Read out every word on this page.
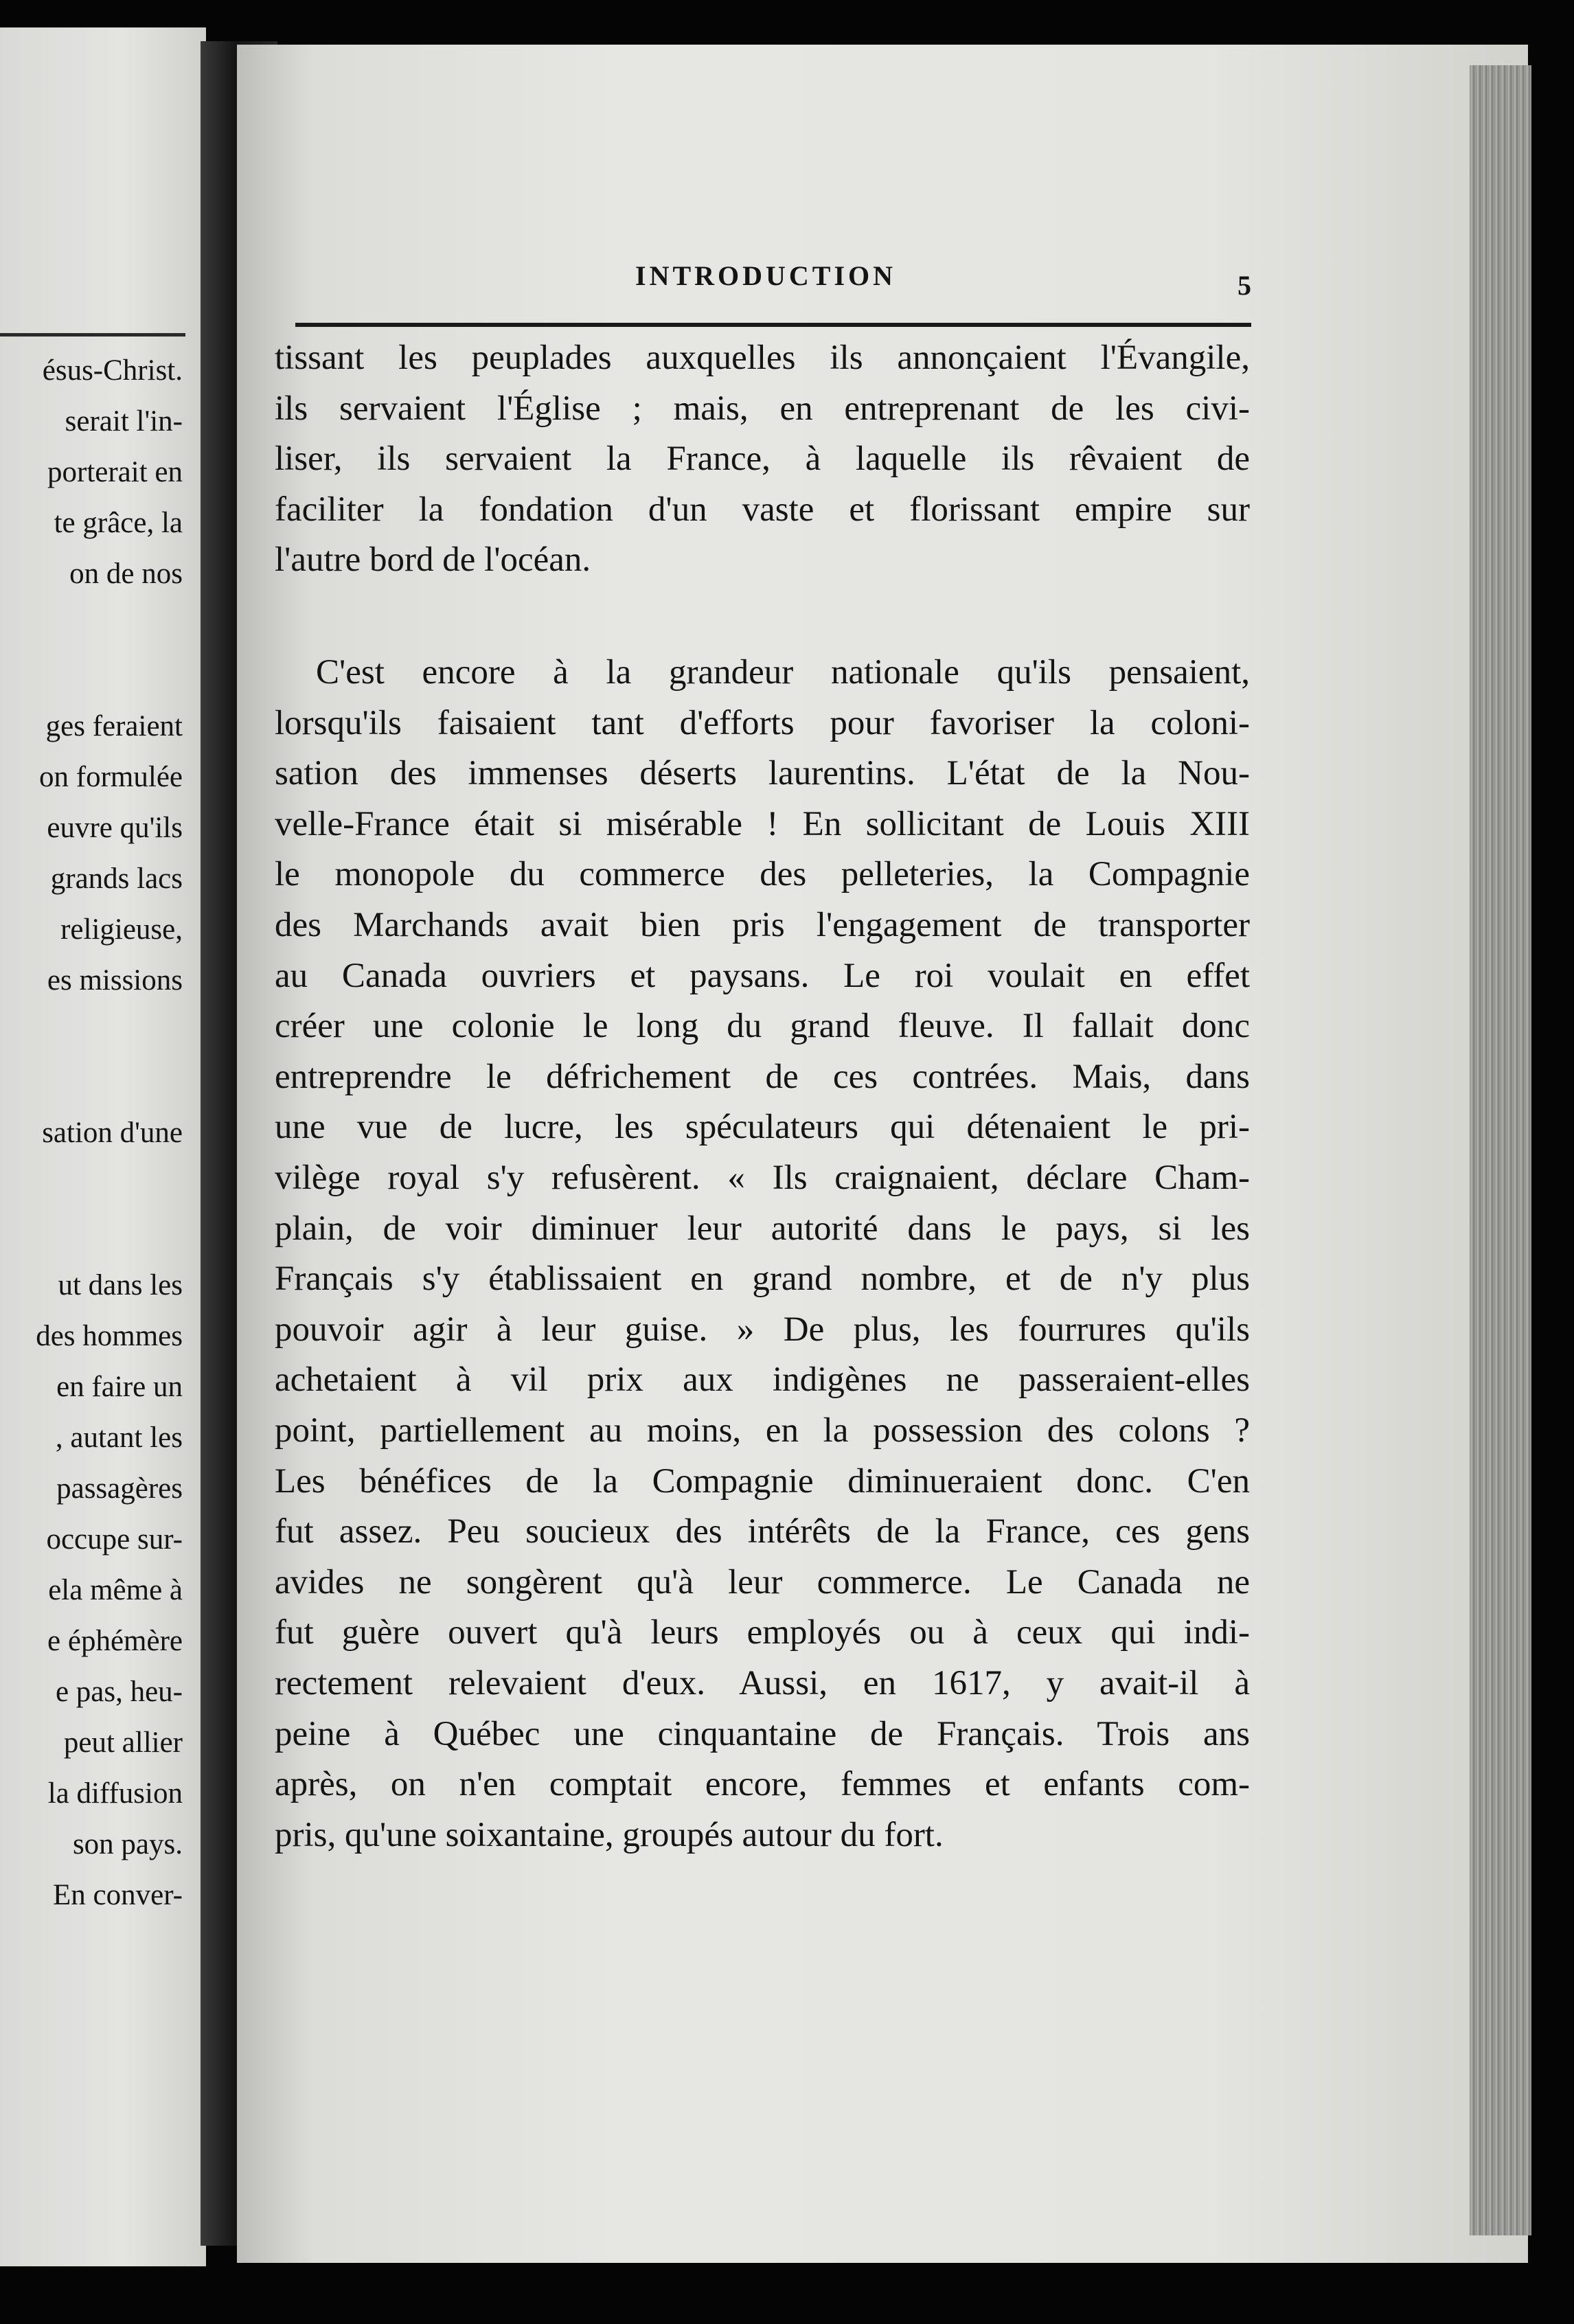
ésus-Christ.
serait l'in-
porterait en
te grâce, la
on de nos
ges feraient
on formulée
euvre qu'ils
grands lacs
religieuse,
es missions
sation d'une
ut dans les
des hommes
en faire un
, autant les
passagères
occupe sur-
ela même à
e éphémère
e pas, heu-
peut allier
la diffusion
son pays.
En conver-
INTRODUCTION	5
tissant les peuplades auxquelles ils annonçaient l'Évangile,
ils servaient l'Église ; mais, en entreprenant de les civi-
liser, ils servaient la France, à laquelle ils rêvaient de
faciliter la fondation d'un vaste et florissant empire sur
l'autre bord de l'océan.
C'est encore à la grandeur nationale qu'ils pensaient,
lorsqu'ils faisaient tant d'efforts pour favoriser la coloni-
sation des immenses déserts laurentins. L'état de la Nou-
velle-France était si misérable ! En sollicitant de Louis XIII
le monopole du commerce des pelleteries, la Compagnie
des Marchands avait bien pris l'engagement de transporter
au Canada ouvriers et paysans. Le roi voulait en effet
créer une colonie le long du grand fleuve. Il fallait donc
entreprendre le défrichement de ces contrées. Mais, dans
une vue de lucre, les spéculateurs qui détenaient le pri-
vilège royal s'y refusèrent. « Ils craignaient, déclare Cham-
plain, de voir diminuer leur autorité dans le pays, si les
Français s'y établissaient en grand nombre, et de n'y plus
pouvoir agir à leur guise. » De plus, les fourrures qu'ils
achetaient à vil prix aux indigènes ne passeraient-elles
point, partiellement au moins, en la possession des colons ?
Les bénéfices de la Compagnie diminueraient donc. C'en
fut assez. Peu soucieux des intérêts de la France, ces gens
avides ne songèrent qu'à leur commerce. Le Canada ne
fut guère ouvert qu'à leurs employés ou à ceux qui indi-
rectement relevaient d'eux. Aussi, en 1617, y avait-il à
peine à Québec une cinquantaine de Français. Trois ans
après, on n'en comptait encore, femmes et enfants com-
pris, qu'une soixantaine, groupés autour du fort.
